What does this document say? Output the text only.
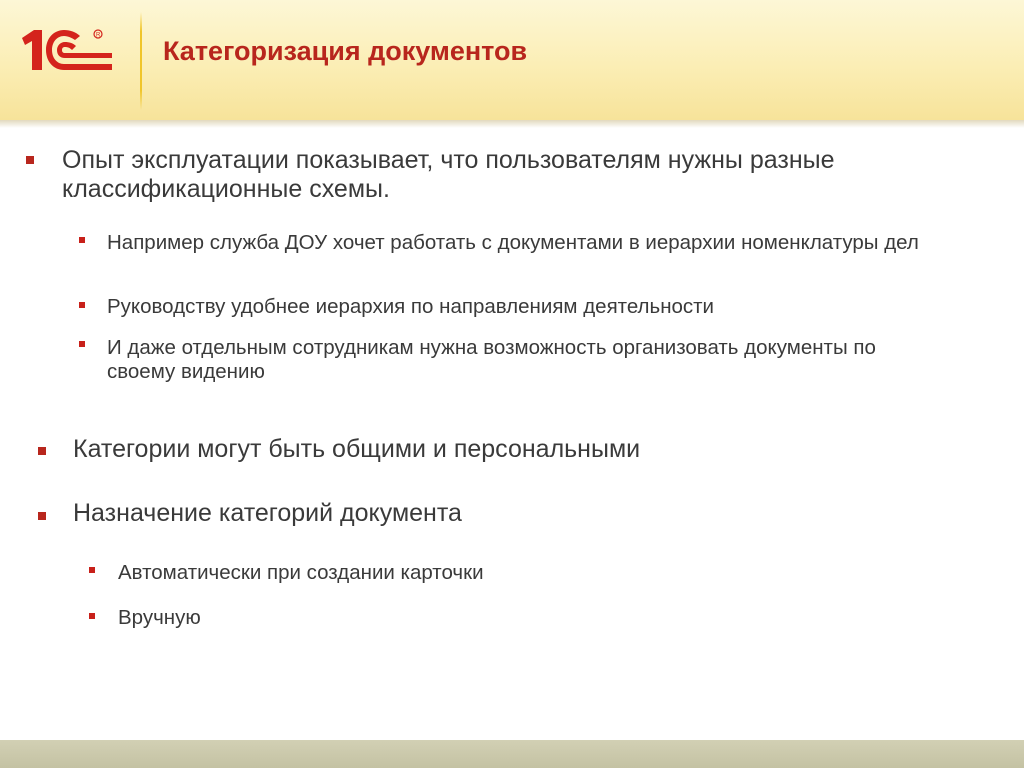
R
Категоризация документов
Опыт эксплуатации показывает, что пользователям нужны разные классификационные схемы.
Например служба ДОУ хочет работать с документами в иерархии номенклатуры дел
Руководству удобнее иерархия по направлениям деятельности
И даже отдельным сотрудникам нужна возможность организовать документы по своему видению
Категории могут быть общими и персональными
Назначение категорий документа
Автоматически при создании карточки
Вручную
